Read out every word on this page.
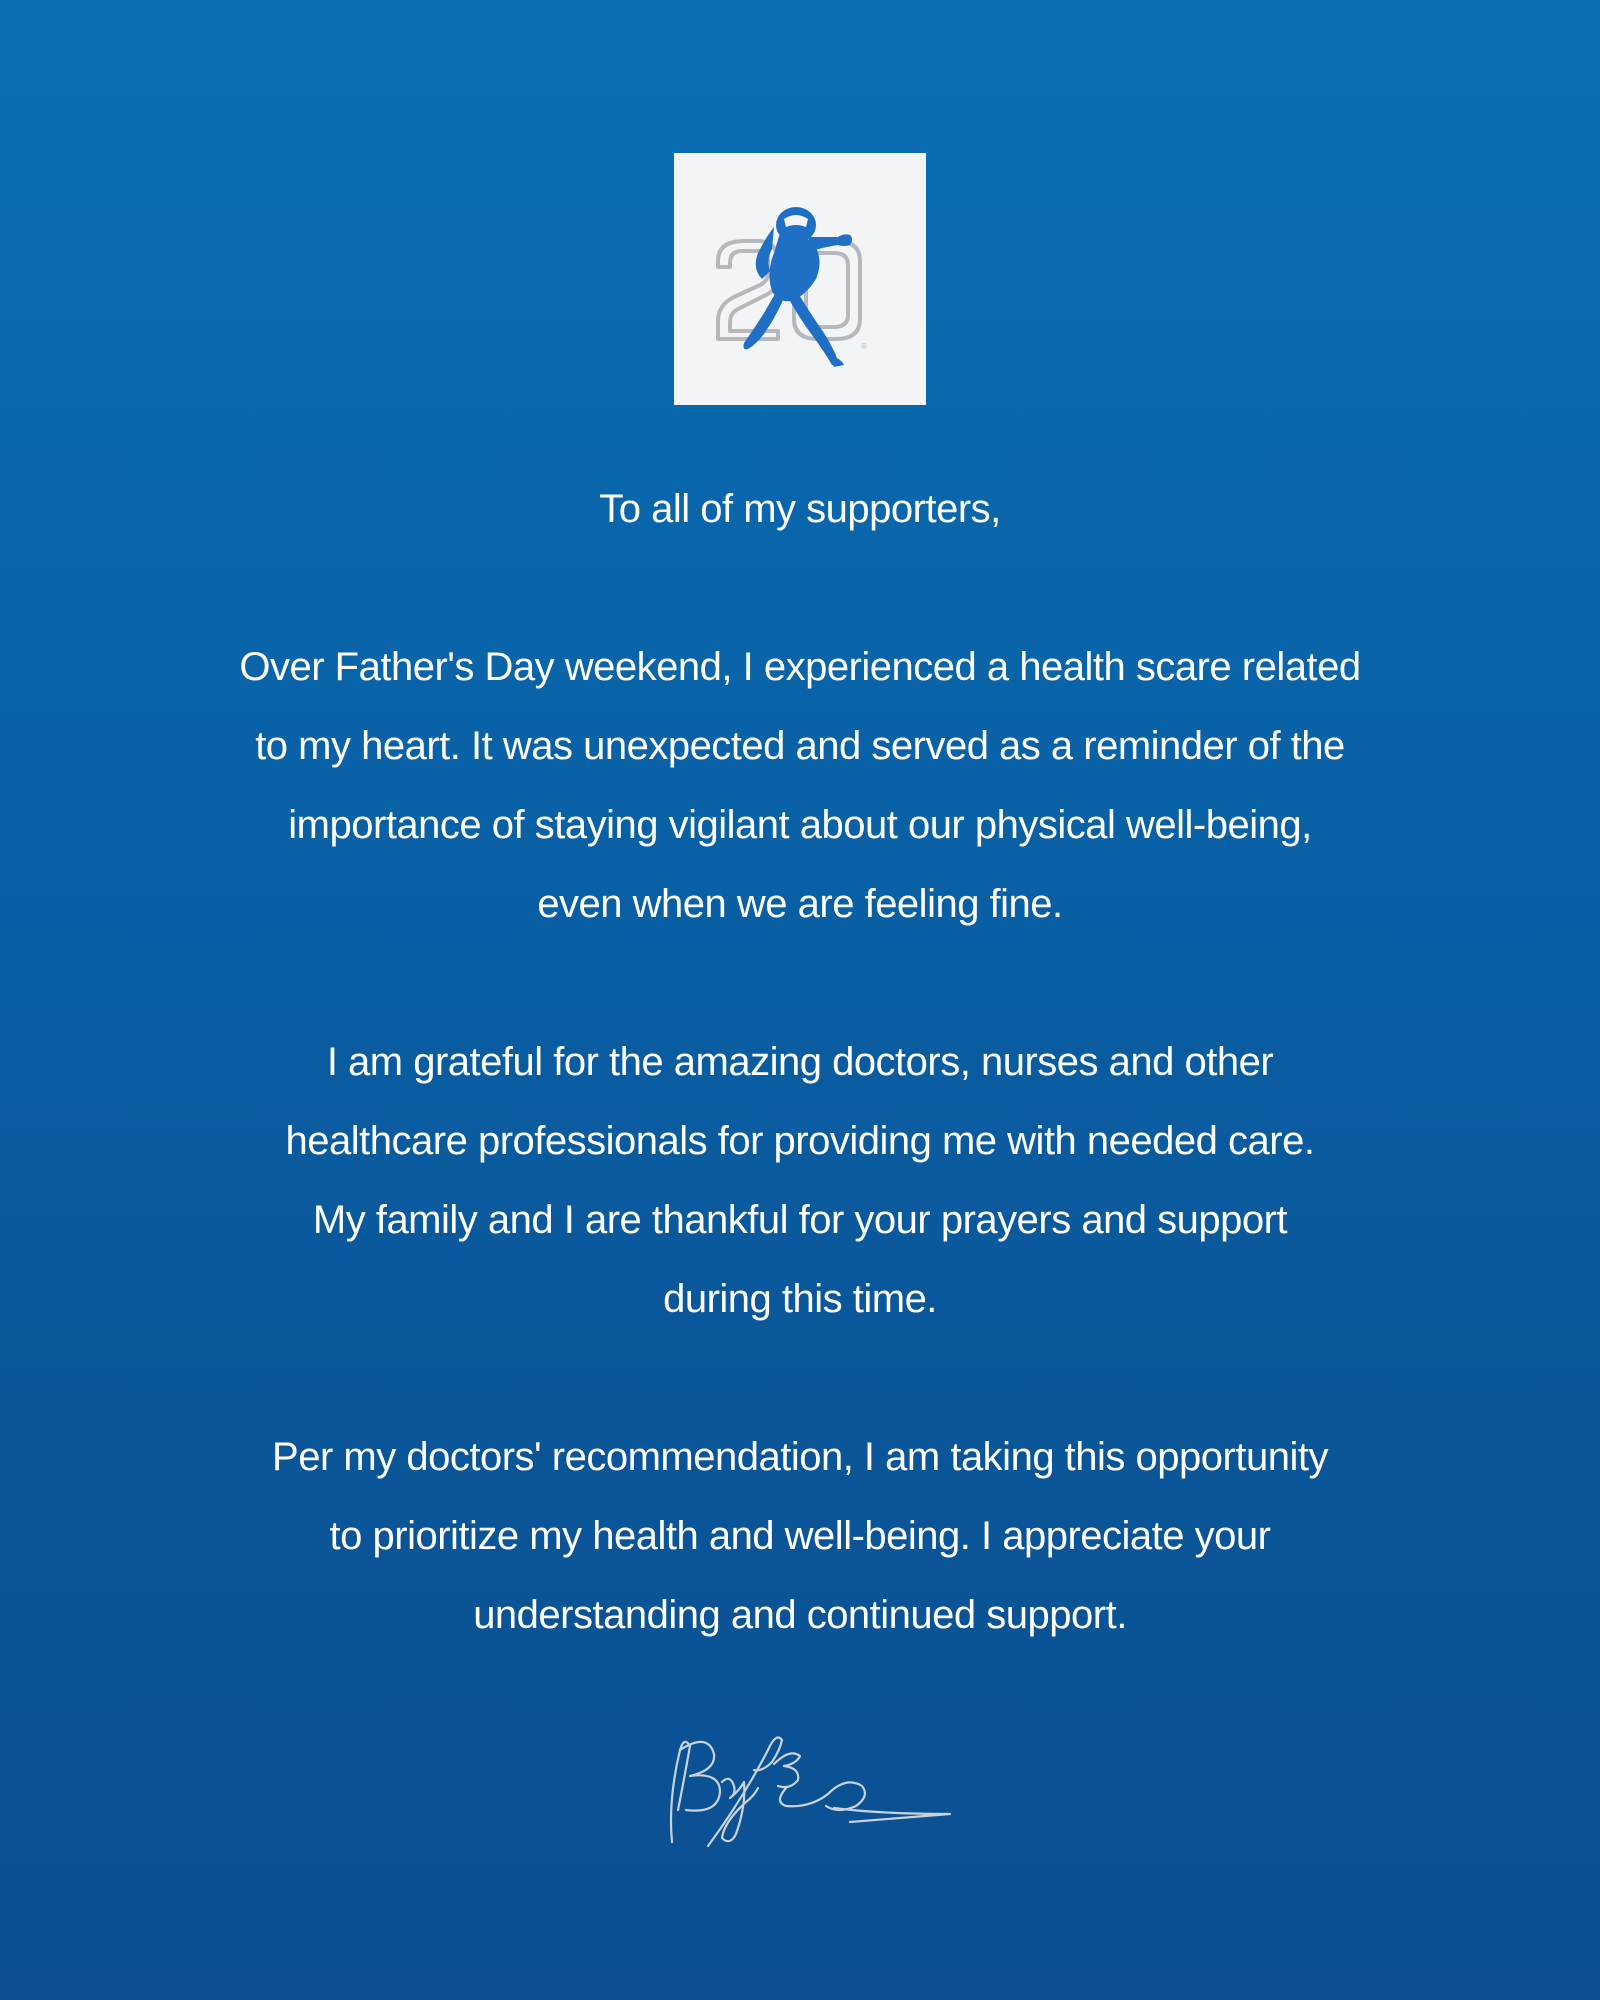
®

To all of my supporters,

Over Father's Day weekend, I experienced a health scare related
to my heart. It was unexpected and served as a reminder of the
importance of staying vigilant about our physical well-being,
even when we are feeling fine.

I am grateful for the amazing doctors, nurses and other
healthcare professionals for providing me with needed care.
My family and I are thankful for your prayers and support
during this time.

Per my doctors' recommendation, I am taking this opportunity
to prioritize my health and well-being. I appreciate your
understanding and continued support.
